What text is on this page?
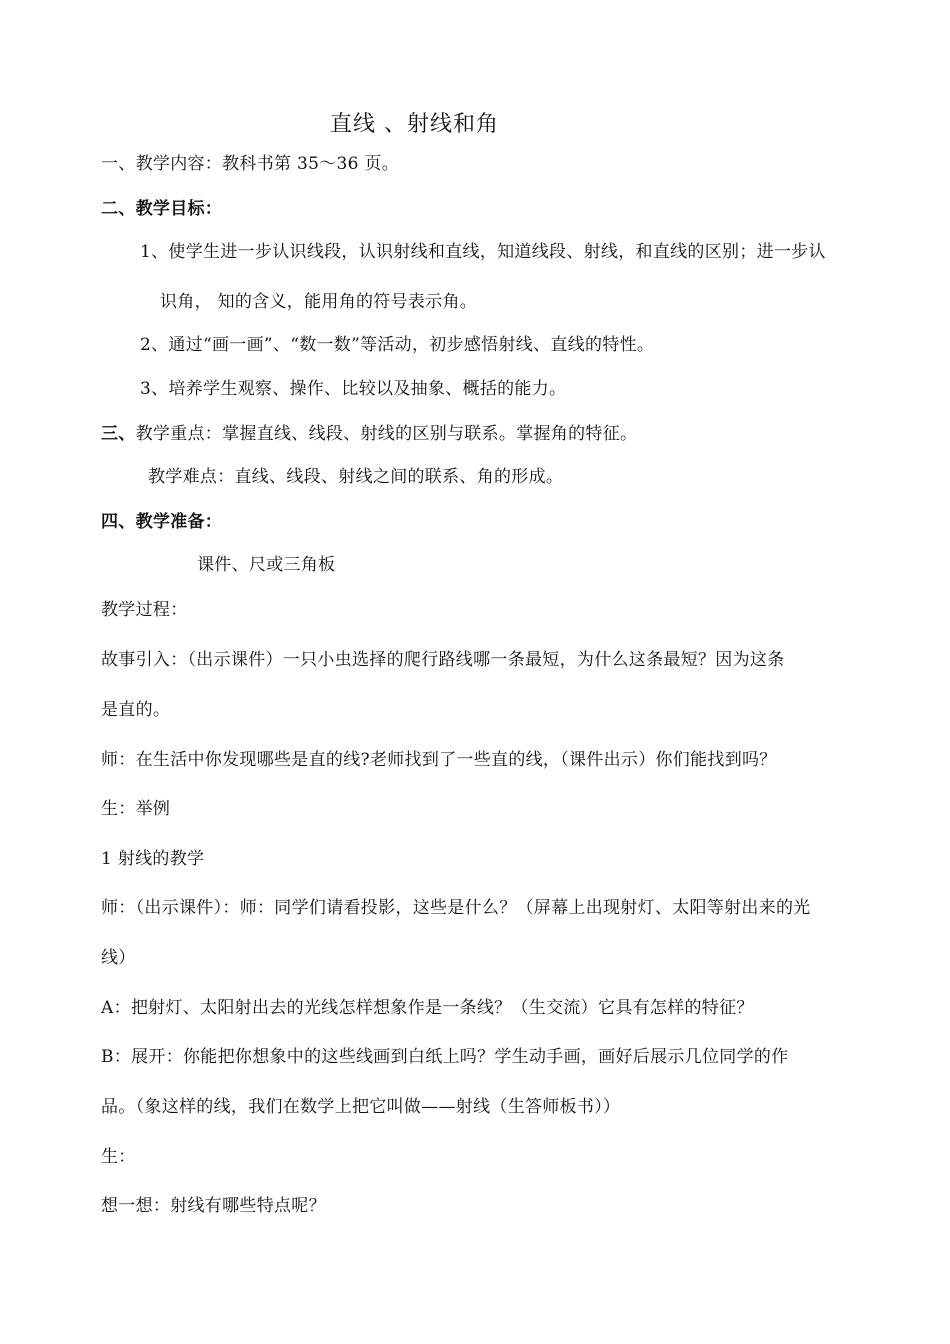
直线 、射线和角
一、教学内容：教科书第 35～36 页。
二、教学目标：
1、使学生进一步认识线段，认识射线和直线，知道线段、射线，和直线的区别；进一步认
识角， 知的含义，能用角的符号表示角。
2、通过“画一画”、“数一数”等活动，初步感悟射线、直线的特性。
3、培养学生观察、操作、比较以及抽象、概括的能力。
三、教学重点：掌握直线、线段、射线的区别与联系。掌握角的特征。
教学难点：直线、线段、射线之间的联系、角的形成。
四、教学准备：
课件、尺或三角板
教学过程：
故事引入：（出示课件）一只小虫选择的爬行路线哪一条最短，为什么这条最短？因为这条
是直的。
师：在生活中你发现哪些是直的线?老师找到了一些直的线，（课件出示）你们能找到吗？
生：举例
1 射线的教学
师：（出示课件）：师：同学们请看投影，这些是什么？（屏幕上出现射灯、太阳等射出来的光
线）
A：把射灯、太阳射出去的光线怎样想象作是一条线？（生交流）它具有怎样的特征？
B：展开：你能把你想象中的这些线画到白纸上吗？学生动手画，画好后展示几位同学的作
品。（象这样的线，我们在数学上把它叫做——射线（生答师板书））
生：
想一想：射线有哪些特点呢？
